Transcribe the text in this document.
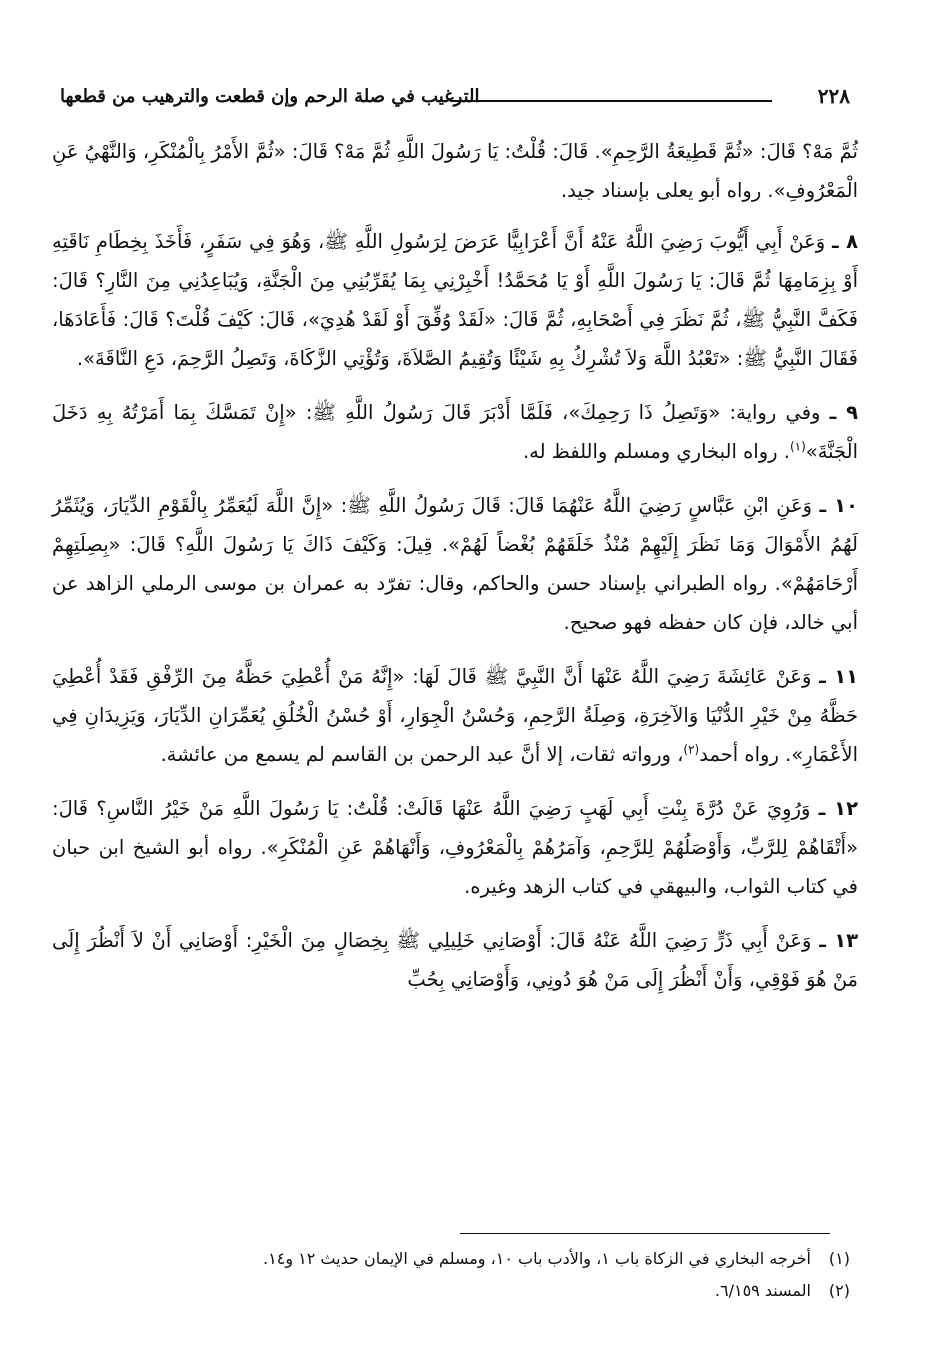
٢٢٨
الترغيب في صلة الرحم وإن قطعت والترهيب من قطعها

ثُمَّ مَهْ؟ قَالَ: «ثُمَّ قَطِيعَةُ الرَّحِمِ». قَالَ: قُلْتُ: يَا رَسُولَ اللَّهِ ثُمَّ مَهْ؟ قَالَ: «ثُمَّ الأَمْرُ بِالْمُنْكَرِ، وَالنَّهْيُ عَنِ الْمَعْرُوفِ». رواه أبو يعلى بإسناد جيد.

٨ ـ وَعَنْ أَبِي أَيُّوبَ رَضِيَ اللَّهُ عَنْهُ أَنَّ أَعْرَابِيًّا عَرَضَ لِرَسُولِ اللَّهِ ﷺ، وَهُوَ فِي سَفَرٍ، فَأَخَذَ بِخِطَامِ نَاقَتِهِ أَوْ بِزِمَامِهَا ثُمَّ قَالَ: يَا رَسُولَ اللَّهِ أَوْ يَا مُحَمَّدُ! أَخْبِرْنِي بِمَا يُقَرِّبُنِي مِنَ الْجَنَّةِ، وَيُبَاعِدُنِي مِنَ النَّارِ؟ قَالَ: فَكَفَّ النَّبِيُّ ﷺ، ثُمَّ نَظَرَ فِي أَصْحَابِهِ، ثُمَّ قَالَ: «لَقَدْ وُفِّقَ أَوْ لَقَدْ هُدِيَ»، قَالَ: كَيْفَ قُلْتَ؟ قَالَ: فَأَعَادَهَا، فَقَالَ النَّبِيُّ ﷺ: «تَعْبُدُ اللَّهَ وَلاَ تُشْرِكُ بِهِ شَيْئًا وَتُقِيمُ الصَّلاَةَ، وَتُؤْتِي الزَّكَاةَ، وَتَصِلُ الرَّحِمَ، دَعِ النَّاقَةَ».

٩ ـ وفي رواية: «وَتَصِلُ ذَا رَحِمِكَ»، فَلَمَّا أَدْبَرَ قَالَ رَسُولُ اللَّهِ ﷺ: «إِنْ تَمَسَّكَ بِمَا أَمَرْتُهُ بِهِ دَخَلَ الْجَنَّةَ»$^{(١)}$. رواه البخاري ومسلم واللفظ له.

١٠ ـ وَعَنِ ابْنِ عَبَّاسٍ رَضِيَ اللَّهُ عَنْهُمَا قَالَ: قَالَ رَسُولُ اللَّهِ ﷺ: «إِنَّ اللَّهَ لَيُعَمِّرُ بِالْقَوْمِ الدِّيَارَ، وَيُثَمِّرُ لَهُمُ الأَمْوَالَ وَمَا نَظَرَ إِلَيْهِمْ مُنْذُ خَلَقَهُمْ بُغْضاً لَهُمْ». قِيلَ: وَكَيْفَ ذَاكَ يَا رَسُولَ اللَّهِ؟ قَالَ: «بِصِلَتِهِمْ أَرْحَامَهُمْ». رواه الطبراني بإسناد حسن والحاكم، وقال: تفرّد به عمران بن موسى الرملي الزاهد عن أبي خالد، فإن كان حفظه فهو صحيح.

١١ ـ وَعَنْ عَائِشَةَ رَضِيَ اللَّهُ عَنْهَا أَنَّ النَّبِيَّ ﷺ قَالَ لَهَا: «إِنَّهُ مَنْ أُعْطِيَ حَظَّهُ مِنَ الرِّفْقِ فَقَدْ أُعْطِيَ حَظَّهُ مِنْ خَيْرِ الدُّنْيَا وَالآخِرَةِ، وَصِلَةُ الرَّحِمِ، وَحُسْنُ الْجِوَارِ، أَوْ حُسْنُ الْخُلُقِ يُعَمِّرَانِ الدِّيَارَ، وَيَزِيدَانِ فِي الأَعْمَارِ». رواه أحمد$^{(٢)}$، ورواته ثقات، إلا أنَّ عبد الرحمن بن القاسم لم يسمع من عائشة.

١٢ ـ وَرُوِيَ عَنْ دُرَّةَ بِنْتِ أَبِي لَهَبٍ رَضِيَ اللَّهُ عَنْهَا قَالَتْ: قُلْتُ: يَا رَسُولَ اللَّهِ مَنْ خَيْرُ النَّاسِ؟ قَالَ: «أَتْقَاهُمْ لِلرَّبِّ، وَأَوْصَلُهُمْ لِلرَّحِمِ، وَآمَرُهُمْ بِالْمَعْرُوفِ، وَأَنْهَاهُمْ عَنِ الْمُنْكَرِ». رواه أبو الشيخ ابن حبان في كتاب الثواب، والبيهقي في كتاب الزهد وغيره.

١٣ ـ وَعَنْ أَبِي ذَرٍّ رَضِيَ اللَّهُ عَنْهُ قَالَ: أَوْصَانِي خَلِيلِي ﷺ بِخِصَالٍ مِنَ الْخَيْرِ: أَوْصَانِي أَنْ لاَ أَنْظُرَ إِلَى مَنْ هُوَ فَوْقِي، وَأَنْ أَنْظُرَ إِلَى مَنْ هُوَ دُونِي، وَأَوْصَانِي بِحُبِّ

(١) أخرجه البخاري في الزكاة باب ١، والأدب باب ١٠، ومسلم في الإيمان حديث ١٢ و١٤.

(٢) المسند ٦/١٥٩.
